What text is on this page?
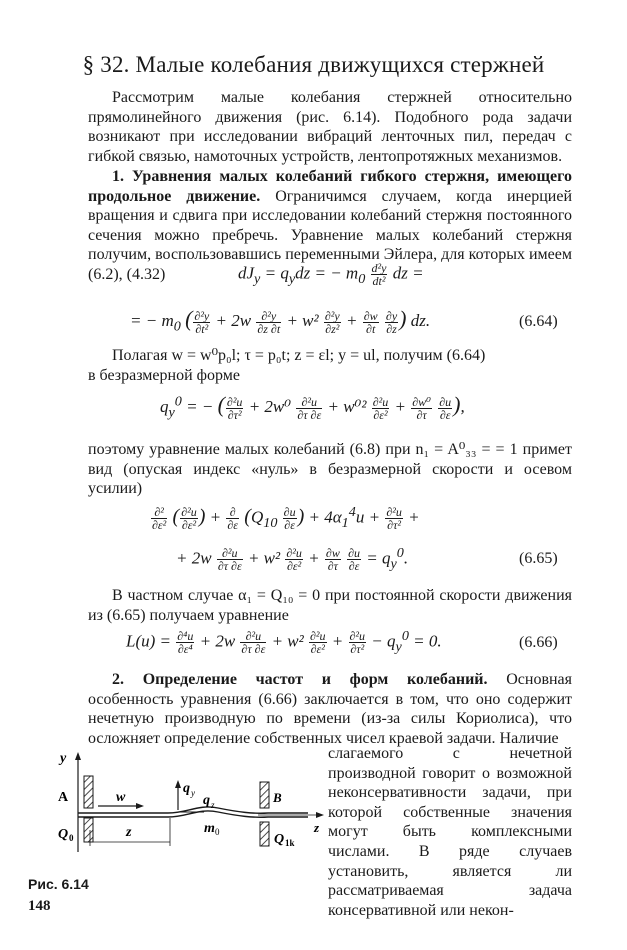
§ 32. Малые колебания движущихся стержней

Рассмотрим малые колебания стержней относительно прямолинейного движения (рис. 6.14). Подобного рода задачи возникают при исследовании вибраций ленточных пил, передач с гибкой связью, намоточных устройств, лентопротяжных механизмов.

1. Уравнения малых колебаний гибкого стержня, имеющего продольное движение. Ограничимся случаем, когда инерцией вращения и сдвига при исследовании колебаний стержня постоянного сечения можно пребречь. Уравнение малых колебаний стержня получим, воспользовавшись переменными Эйлера, для которых имеем (6.2), (4.32)	$dJ_y = q_ydz$ = − $m_0 \frac{\text{d²y}}{\text{dt²}}$ dz =
= − $m_0$ ( $\frac{\text{∂²y}}{\text{∂t²}} + 2w \frac{\text{∂²y}}{\partial z \partial t} + w^2 \frac{\text{∂²y}}{\text{∂z²}} + \frac{\partial w}{\partial t}$
$\frac{\partial y}{\partial z}$ ) dz.	(6.64)

Полагая w = w⁰p₀l; τ = p₀t; z = εl; y = ul, получим (6.64)
в безразмерной форме

$q_y^0$ = − ( $\frac{\text{∂²u}}{\text{∂τ²}} + 2w^0 \frac{\text{∂²u}}{\partial\tau \partial\varepsilon} + w^{02} \frac{\text{∂²u}}{\text{∂ε²}} + \frac{\text{∂w⁰}}{\partial\tau}$
$\frac{\partial u}{\partial\varepsilon}$ ),

поэтому уравнение малых колебаний (6.8) при n₁ = A⁰₃₃ = = 1 примет вид (опуская индекс «нуль» в безразмерной скорости и осевом усилии)

$\frac{\text{∂²}}{\text{∂ε²}}$ ( $\frac{\text{∂²u}}{\text{∂ε²}}$ ) + $\frac{\partial}{\partial\varepsilon} (Q_{10} \frac{\partial u}{\partial\varepsilon}$ ) + $4\alpha_1^4u + \frac{\text{∂²u}}{\text{∂τ²}}$ +
+ $2w \frac{\text{∂²u}}{\partial\tau \partial\varepsilon} + w^2 \frac{\text{∂²u}}{\text{∂ε²}} + \frac{\partial w}{\partial\tau}$
$\frac{\partial u}{\partial\varepsilon} = q_y^0$.	(6.65)

В частном случае α₁ = Q₁₀ = 0 при постоянной скорости движения из (6.65) получаем уравнение

$L(u) = \frac{\text{∂⁴u}}{\text{∂ε⁴}} + 2w \frac{\text{∂²u}}{\partial\tau \partial\varepsilon} + w^2 \frac{\text{∂²u}}{\text{∂ε²}} + \frac{\text{∂²u}}{\text{∂τ²}} - q_y^0 = 0$.	(6.66)

2. Определение частот и форм колебаний. Основная особенность уравнения (6.66) заключается в том, что оно содержит нечетную производную по времени (из-за силы Кориолиса), что осложняет определение собственных чисел краевой задачи. Наличие

слагаемого с нечетной производной говорит о возможной неконсервативности задачи, при которой собственные значения могут быть комплексными числами. В ряде случаев установить, является ли рассматриваемая задача консервативной или некон-

y
A
Q 0
w
z
q y q z
m 0
z
B
Q 1k
Рис. 6.14
148
